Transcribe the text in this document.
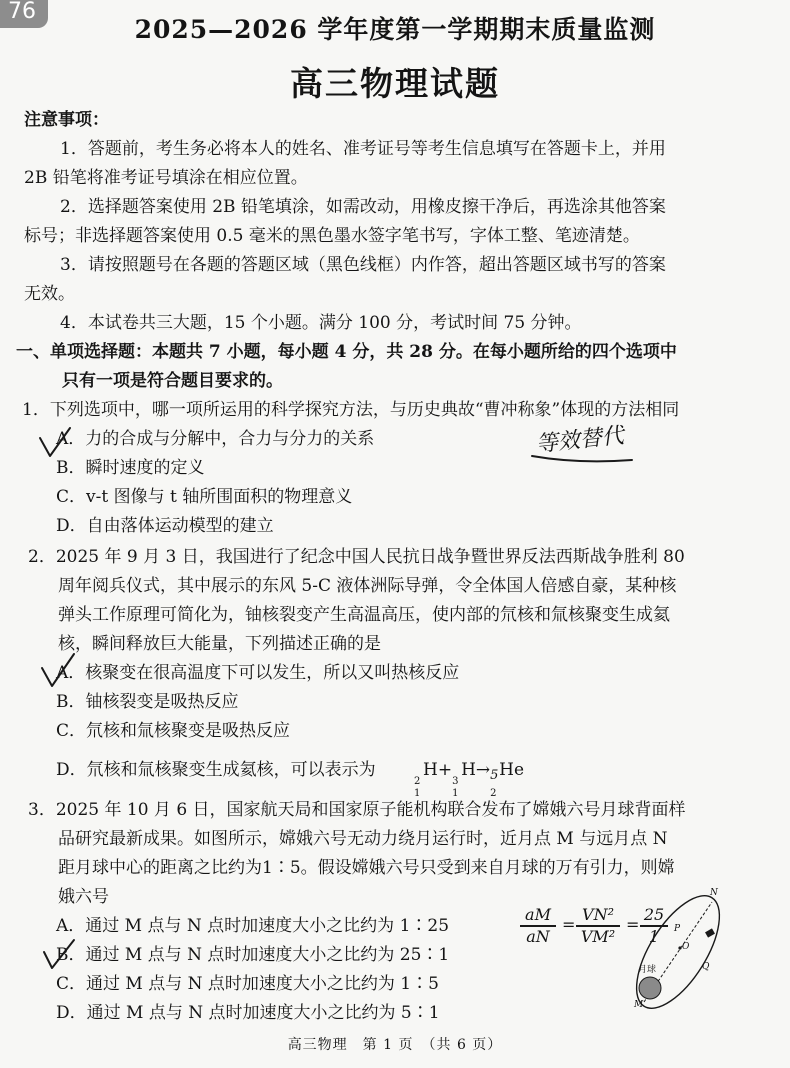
76
2025—2026 学年度第一学期期末质量监测
高三物理试题
注意事项：
1．答题前，考生务必将本人的姓名、准考证号等考生信息填写在答题卡上，并用
2B 铅笔将准考证号填涂在相应位置。
2．选择题答案使用 2B 铅笔填涂，如需改动，用橡皮擦干净后，再选涂其他答案
标号；非选择题答案使用 0.5 毫米的黑色墨水签字笔书写，字体工整、笔迹清楚。
3．请按照题号在各题的答题区域（黑色线框）内作答，超出答题区域书写的答案
无效。
4．本试卷共三大题，15 个小题。满分 100 分，考试时间 75 分钟。
一、单项选择题：本题共 7 小题，每小题 4 分，共 28 分。在每小题所给的四个选项中
只有一项是符合题目要求的。
1．下列选项中，哪一项所运用的科学探究方法，与历史典故“曹冲称象”体现的方法相同
A．力的合成与分解中，合力与分力的关系
B．瞬时速度的定义
C．v-t 图像与 t 轴所围面积的物理意义
D．自由落体运动模型的建立
等效替代
2．2025 年 9 月 3 日，我国进行了纪念中国人民抗日战争暨世界反法西斯战争胜利 80
周年阅兵仪式，其中展示的东风 5-C 液体洲际导弹，令全体国人倍感自豪，某种核
弹头工作原理可简化为，铀核裂变产生高温高压，使内部的氘核和氚核聚变生成氦
核，瞬间释放巨大能量，下列描述正确的是
A．核聚变在很高温度下可以发生，所以又叫热核反应
B．铀核裂变是吸热反应
C．氘核和氚核聚变是吸热反应
D．氘核和氚核聚变生成氦核，可以表示为
2
1
H+
3
1
H→ 5
2
He
3．2025 年 10 月 6 日，国家航天局和国家原子能机构联合发布了嫦娥六号月球背面样
品研究最新成果。如图所示，嫦娥六号无动力绕月运行时，近月点 M 与远月点 N
距月球中心的距离之比约为1∶5。假设嫦娥六号只受到来自月球的万有引力，则嫦
娥六号
A．通过 M 点与 N 点时加速度大小之比约为 1∶25
B．通过 M 点与 N 点时加速度大小之比约为 25∶1
C．通过 M 点与 N 点时加速度大小之比约为 1∶5
D．通过 M 点与 N 点时加速度大小之比约为 5∶1
aM
aN
=
VN²
VM²
=
25
1
N
P
O
Q
月球
M
高三物理　第 1 页　（共 6 页）
